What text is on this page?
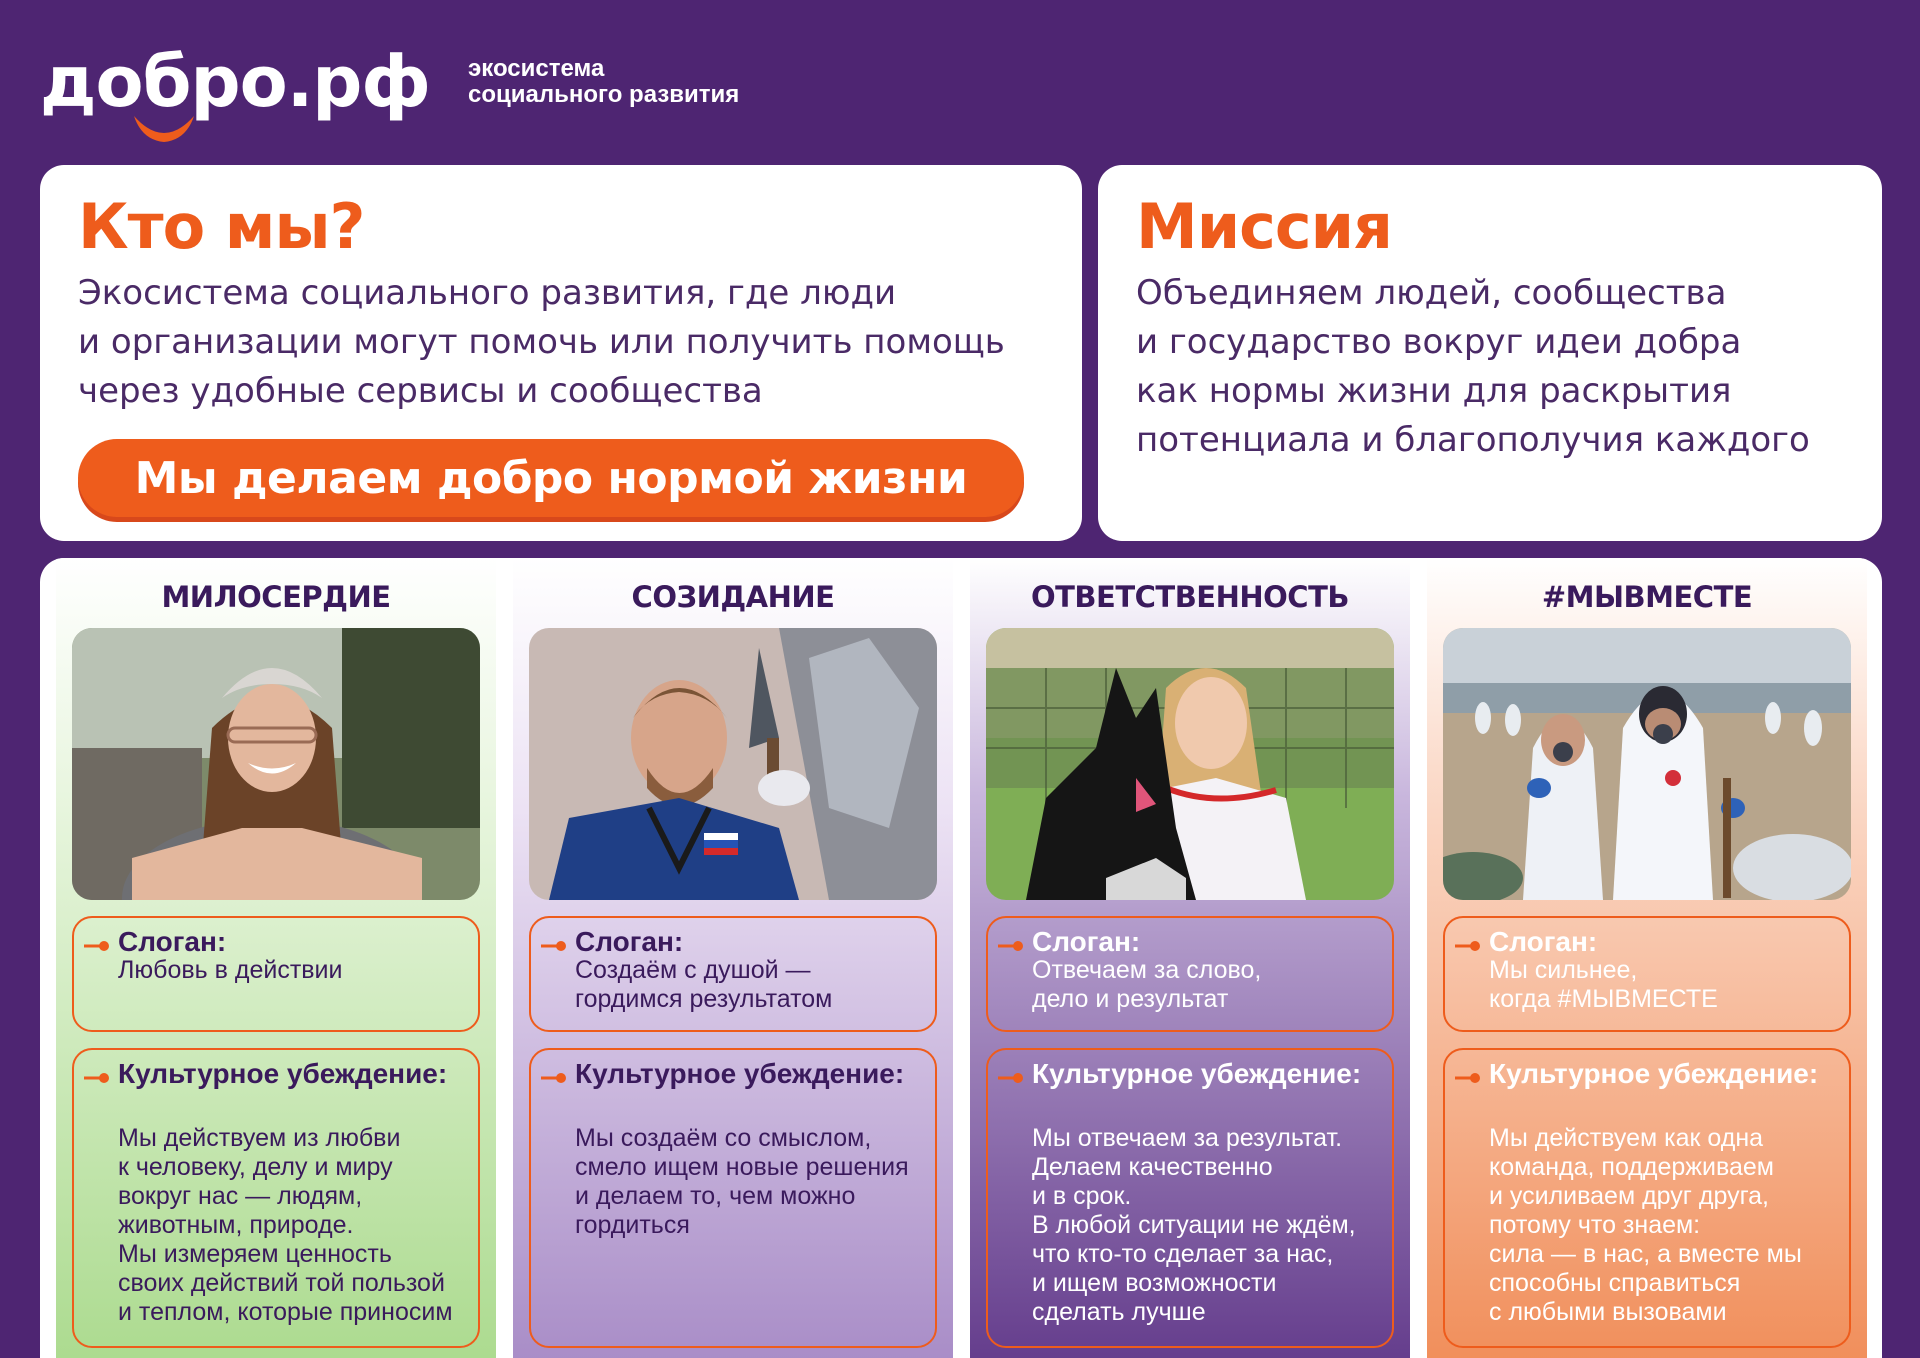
добро.рф экосистема
социального развития
Кто мы?
Экосистема социального развития, где люди
и организации могут помочь или получить помощь
через удобные сервисы и сообщества
Мы делаем добро нормой жизни
Миссия
Объединяем людей, сообщества
и государство вокруг идеи добра
как нормы жизни для раскрытия
потенциала и благополучия каждого
МИЛОСЕРДИЕ
Слоган:
Любовь в действии
Культурное убеждение:
Мы действуем из любви
к человеку, делу и миру
вокруг нас — людям,
животным, природе.
Мы измеряем ценность
своих действий той пользой
и теплом, которые приносим
СОЗИДАНИЕ
Слоган:
Создаём с душой —
гордимся результатом
Культурное убеждение:
Мы создаём со смыслом,
смело ищем новые решения
и делаем то, чем можно
гордиться
ОТВЕТСТВЕННОСТЬ
Слоган:
Отвечаем за слово,
дело и результат
Культурное убеждение:
Мы отвечаем за результат.
Делаем качественно
и в срок.
В любой ситуации не ждём,
что кто-то сделает за нас,
и ищем возможности
сделать лучше
#МЫВМЕСТЕ
Слоган:
Мы сильнее,
когда #МЫВМЕСТЕ
Культурное убеждение:
Мы действуем как одна
команда, поддерживаем
и усиливаем друг друга,
потому что знаем:
сила — в нас, а вместе мы
способны справиться
с любыми вызовами
